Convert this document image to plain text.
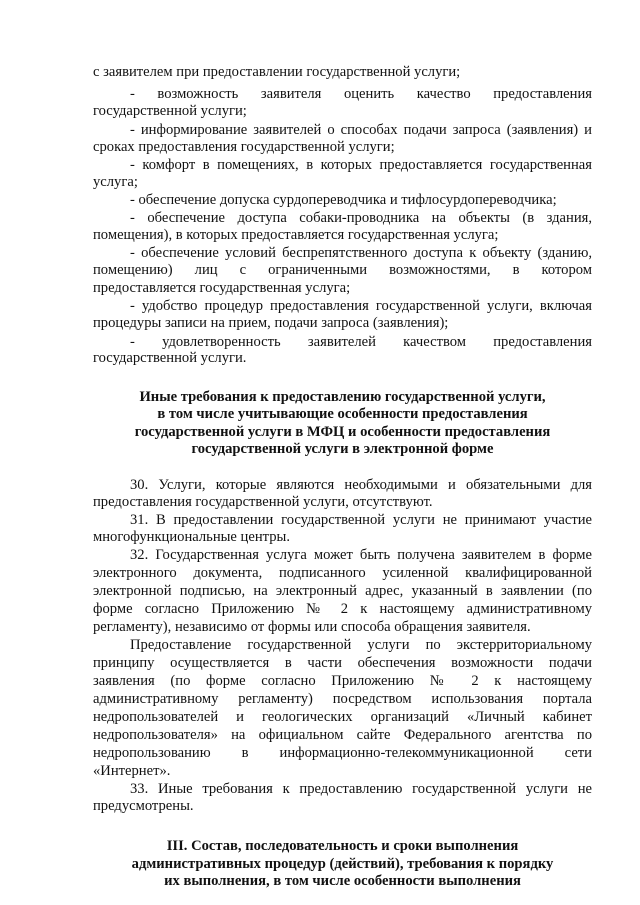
с заявителем при предоставлении государственной услуги;
- возможность заявителя оценить качество предоставления
государственной услуги;
- информирование заявителей о способах подачи запроса (заявления) и
сроках предоставления государственной услуги;
- комфорт в помещениях, в которых предоставляется государственная
услуга;
- обеспечение допуска сурдопереводчика и тифлосурдопереводчика;
- обеспечение доступа собаки-проводника на объекты (в здания,
помещения), в которых предоставляется государственная услуга;
- обеспечение условий беспрепятственного доступа к объекту (зданию,
помещению) лиц с ограниченными возможностями, в котором
предоставляется государственная услуга;
- удобство процедур предоставления государственной услуги, включая
процедуры записи на прием, подачи запроса (заявления);
- удовлетворенность заявителей качеством предоставления
государственной услуги.
Иные требования к предоставлению государственной услуги,
в том числе учитывающие особенности предоставления
государственной услуги в МФЦ и особенности предоставления
государственной услуги в электронной форме
30. Услуги, которые являются необходимыми и обязательными для
предоставления государственной услуги, отсутствуют.
31. В предоставлении государственной услуги не принимают участие
многофункциональные центры.
32. Государственная услуга может быть получена заявителем в форме
электронного документа, подписанного усиленной квалифицированной
электронной подписью, на электронный адрес, указанный в заявлении (по
форме согласно Приложению № 2 к настоящему административному
регламенту), независимо от формы или способа обращения заявителя.
Предоставление государственной услуги по экстерриториальному
принципу осуществляется в части обеспечения возможности подачи
заявления (по форме согласно Приложению № 2 к настоящему
административному регламенту) посредством использования портала
недропользователей и геологических организаций «Личный кабинет
недропользователя» на официальном сайте Федерального агентства по
недропользованию в информационно-телекоммуникационной сети
«Интернет».
33. Иные требования к предоставлению государственной услуги не
предусмотрены.
III. Состав, последовательность и сроки выполнения
административных процедур (действий), требования к порядку
их выполнения, в том числе особенности выполнения
